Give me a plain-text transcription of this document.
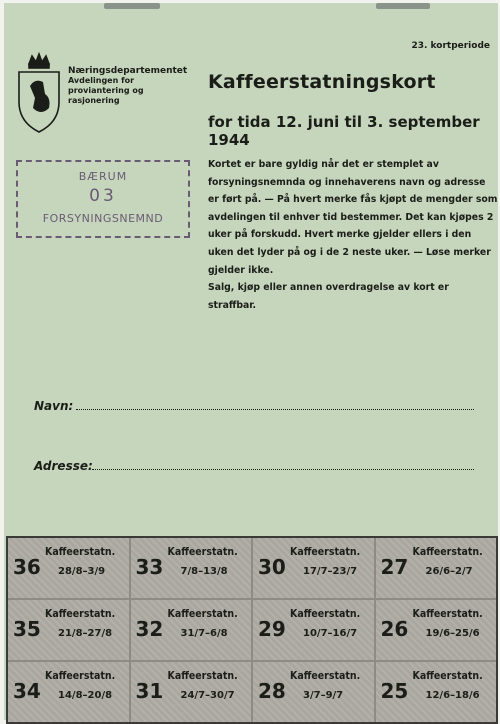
23. kortperiode
Næringsdepartementet
Avdelingen for
proviantering og
rasjonering
Kaffeerstatningskort
for tida 12. juni til 3. september 1944
BÆRUM
03
FORSYNINGSNEMND

Kortet er bare gyldig når det er stemplet av forsyningsnemnda og innehaverens navn og adresse er ført på. — På hvert merke fås kjøpt de mengder som avdelingen til enhver tid bestemmer. Det kan kjøpes 2 uker på forskudd. Hvert merke gjelder ellers i den uken det lyder på og i de 2 neste uker. — Løse merker gjelder ikke.

Salg, kjøp eller annen overdragelse av kort er straffbar.

Navn:
Adresse:
36
Kaffeerstatn.
28/8–3/9 33
Kaffeerstatn.
7/8–13/8 30
Kaffeerstatn.
17/7–23/7 27
Kaffeerstatn.
26/6–2/7
35
Kaffeerstatn.
21/8–27/8 32
Kaffeerstatn.
31/7–6/8 29
Kaffeerstatn.
10/7–16/7 26
Kaffeerstatn.
19/6–25/6
34
Kaffeerstatn.
14/8–20/8 31
Kaffeerstatn.
24/7–30/7 28
Kaffeerstatn.
3/7–9/7 25
Kaffeerstatn.
12/6–18/6
